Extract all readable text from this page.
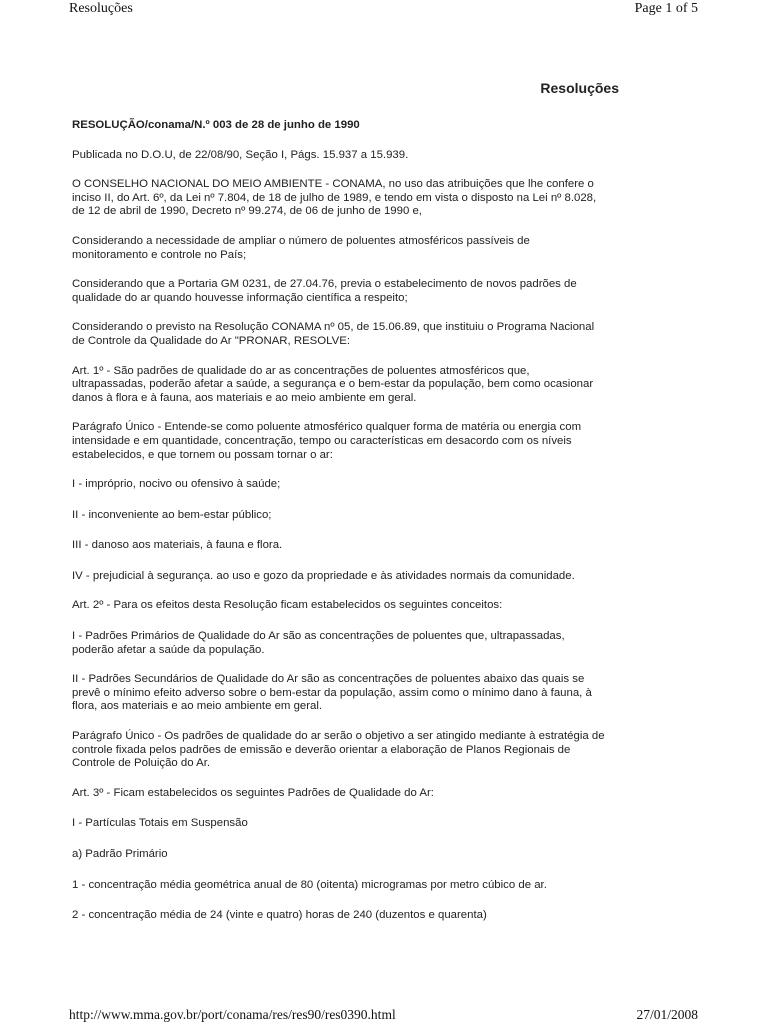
Resoluções	Page 1 of 5
Resoluções

RESOLUÇÃO/conama/N.º 003 de 28 de junho de 1990

Publicada no D.O.U, de 22/08/90, Seção I, Págs. 15.937 a 15.939.

O CONSELHO NACIONAL DO MEIO AMBIENTE - CONAMA, no uso das atribuições que lhe confere o inciso II, do Art. 6º, da Lei nº 7.804, de 18 de julho de 1989, e tendo em vista o disposto na Lei nº 8.028, de 12 de abril de 1990, Decreto nº 99.274, de 06 de junho de 1990 e,

Considerando a necessidade de ampliar o número de poluentes atmosféricos passíveis de monitoramento e controle no País;

Considerando que a Portaria GM 0231, de 27.04.76, previa o estabelecimento de novos padrões de qualidade do ar quando houvesse informação científica a respeito;

Considerando o previsto na Resolução CONAMA nº 05, de 15.06.89, que instituiu o Programa Nacional de Controle da Qualidade do Ar "PRONAR, RESOLVE:

Art. 1º - São padrões de qualidade do ar as concentrações de poluentes atmosféricos que, ultrapassadas, poderão afetar a saúde, a segurança e o bem-estar da população, bem como ocasionar danos à flora e à fauna, aos materiais e ao meio ambiente em geral.

Parágrafo Único - Entende-se como poluente atmosférico qualquer forma de matéria ou energia com intensidade e em quantidade, concentração, tempo ou características em desacordo com os níveis estabelecidos, e que tornem ou possam tornar o ar:

I - impróprio, nocivo ou ofensivo à saúde;

II - inconveniente ao bem-estar público;

III - danoso aos materiais, à fauna e flora.

IV - prejudicial à segurança. ao uso e gozo da propriedade e às atividades normais da comunidade.

Art. 2º - Para os efeitos desta Resolução ficam estabelecidos os seguintes conceitos:

I - Padrões Primários de Qualidade do Ar são as concentrações de poluentes que, ultrapassadas, poderão afetar a saúde da população.

II - Padrões Secundários de Qualidade do Ar são as concentrações de poluentes abaixo das quais se prevê o mínimo efeito adverso sobre o bem-estar da população, assim como o mínimo dano à fauna, à flora, aos materiais e ao meio ambiente em geral.

Parágrafo Único - Os padrões de qualidade do ar serão o objetivo a ser atingido mediante à estratégia de controle fixada pelos padrões de emissão e deverão orientar a elaboração de Planos Regionais de Controle de Poluição do Ar.

Art. 3º - Ficam estabelecidos os seguintes Padrões de Qualidade do Ar:

I - Partículas Totais em Suspensão

a) Padrão Primário

1 - concentração média geométrica anual de 80 (oitenta) microgramas por metro cúbico de ar.

2 - concentração média de 24 (vinte e quatro) horas de 240 (duzentos e quarenta)

http://www.mma.gov.br/port/conama/res/res90/res0390.html	27/01/2008
